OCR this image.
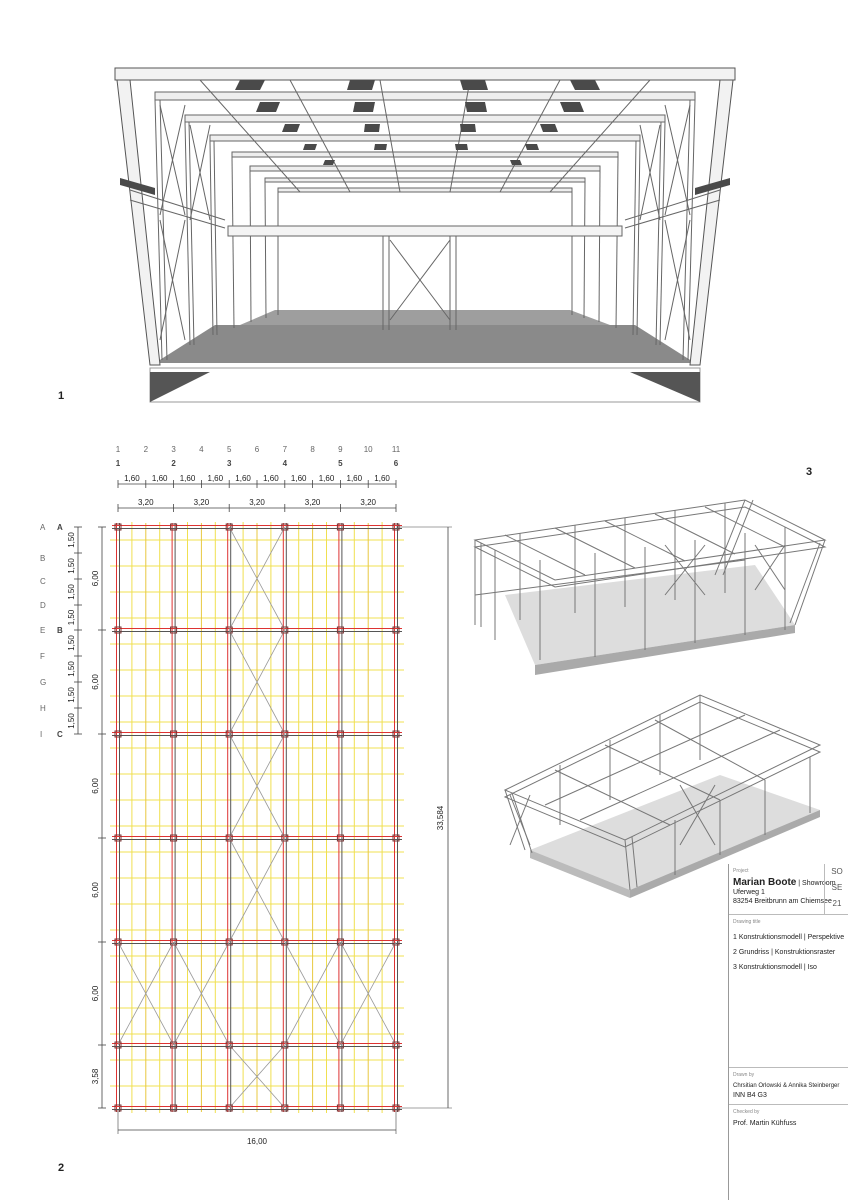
1
1
1
2	3
2
4	5
3
6	7
4
8	9
5
10 11
6
1,60 1,60 1,60 1,60 1,60 1,60 1,60 1,60 1,60 1,60
3,20	3,20	3,20	3,20	3,20
A
B
C
D
E
F
G
H
I
A
B
C
1,50
1,50
1,50
1,50
1,50
1,50
1,50
1,50
6,00
6,00
6,00
6,00
6,00
3,58
33,584
16,00
2
3
SO
SE
21
Project
Marian Boote | Showroom
Uferweg 1
83254 Breitbrunn am Chiemsee
Drawing title
1 Konstruktionsmodell | Perspektive
2 Grundriss | Konstruktionsraster
3 Konstruktionsmodell | Iso
Drawn by
Chrsitian Orlowski & Annika Steinberger
INN B4 G3
Checked by
Prof. Martin Kühfuss
